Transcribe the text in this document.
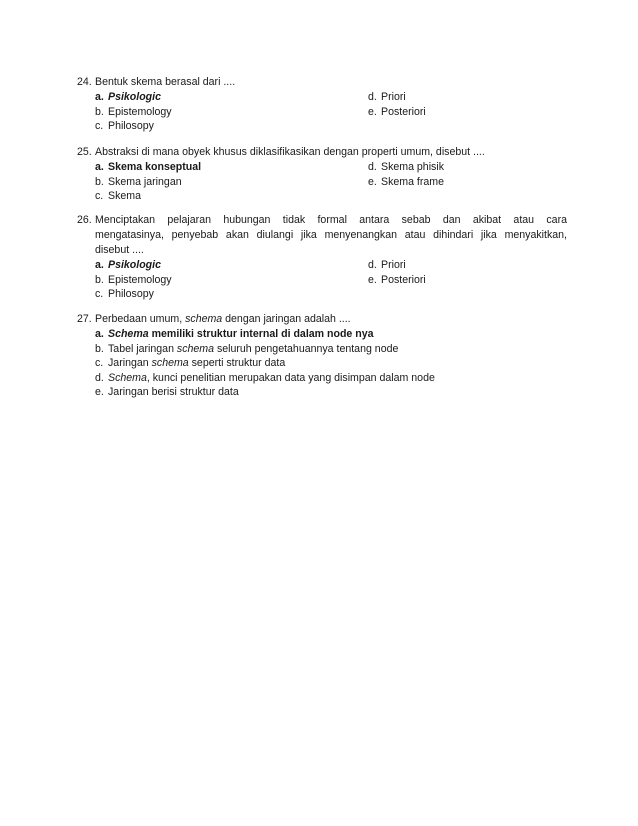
24. Bentuk skema berasal dari ....
a. Psikologic	d. Priori
b. Epistemology	e. Posteriori
c. Philosopy
25. Abstraksi di mana obyek khusus diklasifikasikan dengan properti umum, disebut ....
a. Skema konseptual	d. Skema phisik
b. Skema jaringan	e. Skema frame
c. Skema
26. Menciptakan pelajaran hubungan tidak formal antara sebab dan akibat atau cara
mengatasinya, penyebab akan diulangi jika menyenangkan atau dihindari jika menyakitkan,
disebut ....
a. Psikologic	d. Priori
b. Epistemology	e. Posteriori
c. Philosopy
27. Perbedaan umum, schema dengan jaringan adalah ....
a. Schema memiliki struktur internal di dalam node nya
b. Tabel jaringan schema seluruh pengetahuannya tentang node
c. Jaringan schema seperti struktur data
d. Schema, kunci penelitian merupakan data yang disimpan dalam node
e. Jaringan berisi struktur data
